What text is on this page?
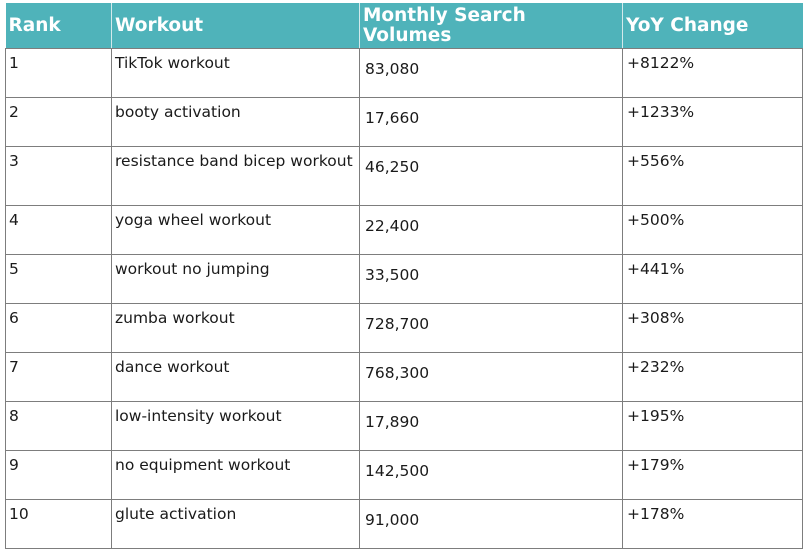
Rank	Workout	Monthly Search Volumes	YoY Change
1	TikTok workout	83,080	+8122%
2	booty activation	17,660	+1233%
3	resistance band bicep workout	46,250	+556%
4	yoga wheel workout	22,400	+500%
5	workout no jumping	33,500	+441%
6	zumba workout	728,700	+308%
7	dance workout	768,300	+232%
8	low-intensity workout	17,890	+195%
9	no equipment workout	142,500	+179%
10	glute activation	91,000	+178%
